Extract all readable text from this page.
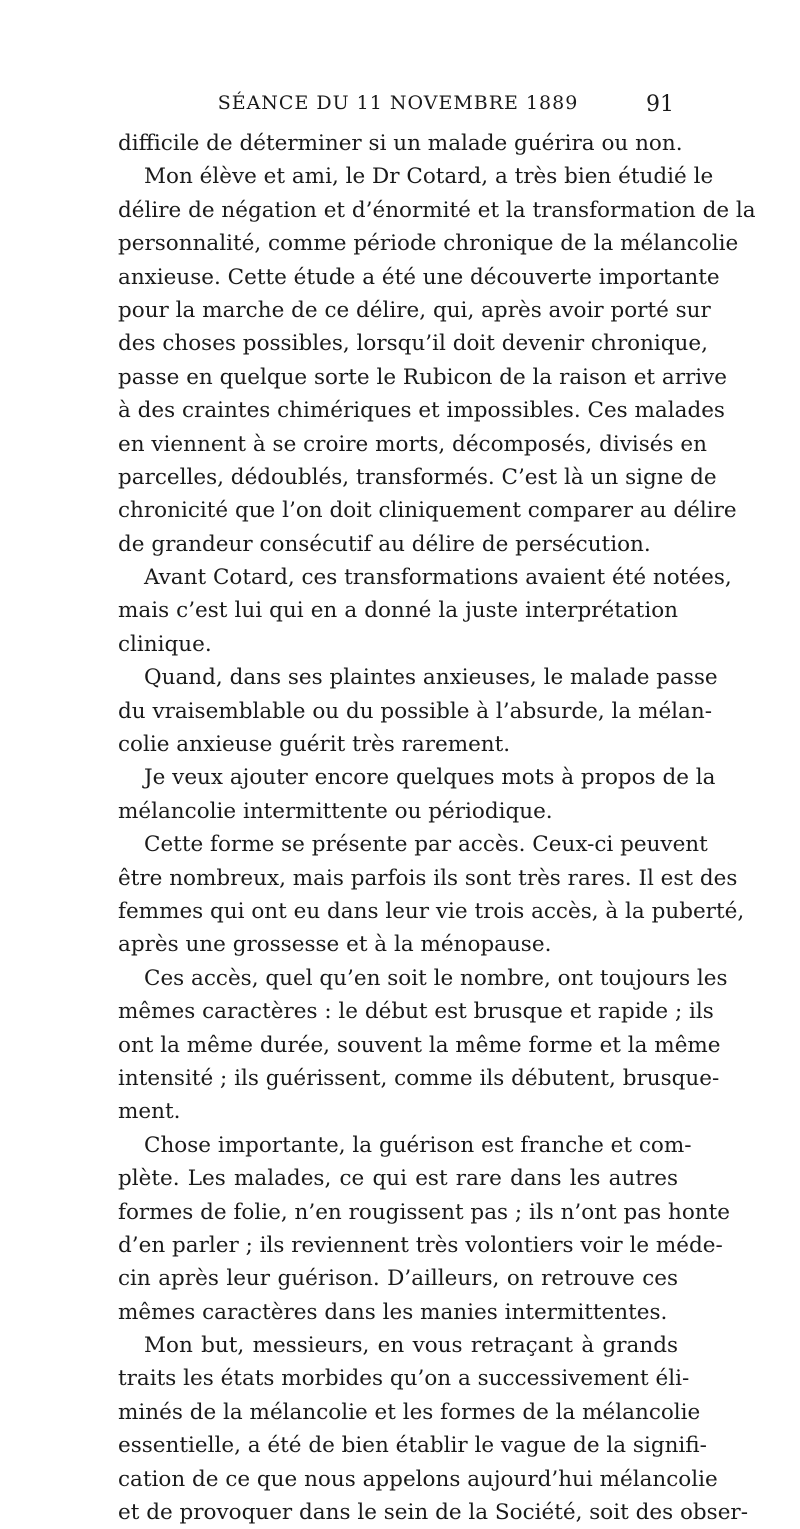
SÉANCE DU 11 NOVEMBRE 1889	91
difficile de déterminer si un malade guérira ou non.
Mon élève et ami, le Dr Cotard, a très bien étudié le
délire de négation et d’énormité et la transformation de la
personnalité, comme période chronique de la mélancolie
anxieuse. Cette étude a été une découverte importante
pour la marche de ce délire, qui, après avoir porté sur
des choses possibles, lorsqu’il doit devenir chronique,
passe en quelque sorte le Rubicon de la raison et arrive
à des craintes chimériques et impossibles. Ces malades
en viennent à se croire morts, décomposés, divisés en
parcelles, dédoublés, transformés. C’est là un signe de
chronicité que l’on doit cliniquement comparer au délire
de grandeur consécutif au délire de persécution.
Avant Cotard, ces transformations avaient été notées,
mais c’est lui qui en a donné la juste interprétation
clinique.
Quand, dans ses plaintes anxieuses, le malade passe
du vraisemblable ou du possible à l’absurde, la mélan-
colie anxieuse guérit très rarement.
Je veux ajouter encore quelques mots à propos de la
mélancolie intermittente ou périodique.
Cette forme se présente par accès. Ceux-ci peuvent
être nombreux, mais parfois ils sont très rares. Il est des
femmes qui ont eu dans leur vie trois accès, à la puberté,
après une grossesse et à la ménopause.
Ces accès, quel qu’en soit le nombre, ont toujours les
mêmes caractères : le début est brusque et rapide ; ils
ont la même durée, souvent la même forme et la même
intensité ; ils guérissent, comme ils débutent, brusque-
ment.
Chose importante, la guérison est franche et com-
plète. Les malades, ce qui est rare dans les autres
formes de folie, n’en rougissent pas ; ils n’ont pas honte
d’en parler ; ils reviennent très volontiers voir le méde-
cin après leur guérison. D’ailleurs, on retrouve ces
mêmes caractères dans les manies intermittentes.
Mon but, messieurs, en vous retraçant à grands
traits les états morbides qu’on a successivement éli-
minés de la mélancolie et les formes de la mélancolie
essentielle, a été de bien établir le vague de la signifi-
cation de ce que nous appelons aujourd’hui mélancolie
et de provoquer dans le sein de la Société, soit des obser-
